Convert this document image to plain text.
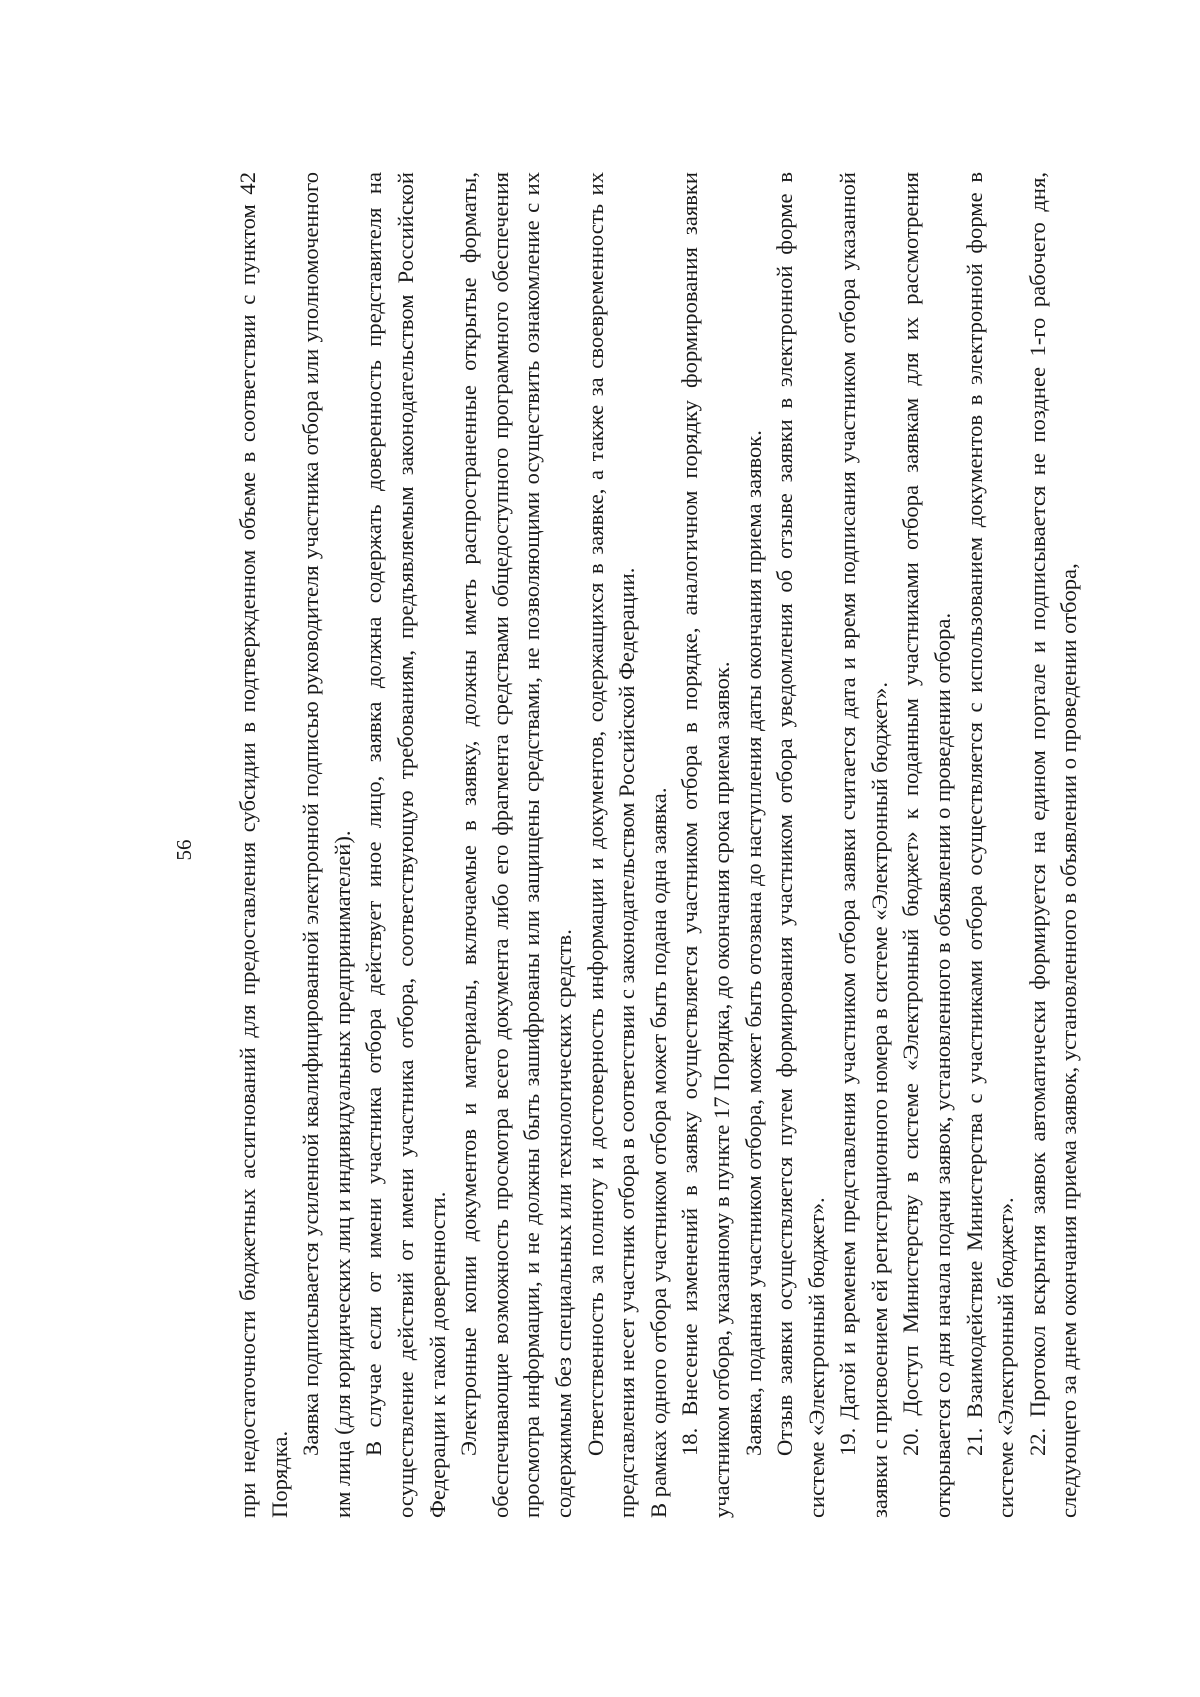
56 при недостаточности бюджетных ассигнований для предоставления субсидии в подтвержденном объеме в соответствии с пунктом 42 Порядка.

Заявка подписывается усиленной квалифицированной электронной подписью руководителя участника отбора или уполномоченного им лица (для юридических лиц и индивидуальных предпринимателей). В случае если от имени участника отбора действует иное лицо, заявка должна содержать доверенность представителя на осуществление действий от имени участника отбора, соответствующую требованиям, предъявляемым законодательством Российской Федерации к такой доверенности. Электронные копии документов и материалы, включаемые в заявку, должны иметь распространенные открытые форматы, обеспечивающие возможность просмотра всего документа либо его фрагмента средствами общедоступного программного обеспечения просмотра информации, и не должны быть зашифрованы или защищены средствами, не позволяющими осуществить ознакомление с их содержимым без специальных или технологических средств. Ответственность за полноту и достоверность информации и документов, содержащихся в заявке, а также за своевременность их представления несет участник отбора в соответствии с законодательством Российской Федерации. В рамках одного отбора участником отбора может быть подана одна заявка. 18. Внесение изменений в заявку осуществляется участником отбора в порядке, аналогичном порядку формирования заявки участником отбора, указанному в пункте 17 Порядка, до окончания срока приема заявок. Заявка, поданная участником отбора, может быть отозвана до наступления даты окончания приема заявок. Отзыв заявки осуществляется путем формирования участником отбора уведомления об отзыве заявки в электронной форме в системе «Электронный бюджет». 19. Датой и временем представления участником отбора заявки считается дата и время подписания участником отбора указанной заявки с присвоением ей регистрационного номера в системе «Электронный бюджет». 20. Доступ Министерству в системе «Электронный бюджет» к поданным участниками отбора заявкам для их рассмотрения открывается со дня начала подачи заявок, установленного в объявлении о проведении отбора. 21. Взаимодействие Министерства с участниками отбора осуществляется с использованием документов в электронной форме в системе «Электронный бюджет». 22. Протокол вскрытия заявок автоматически формируется на едином портале и подписывается не позднее 1-го рабочего дня, следующего за днем окончания приема заявок, установленного в объявлении о проведении отбора,
